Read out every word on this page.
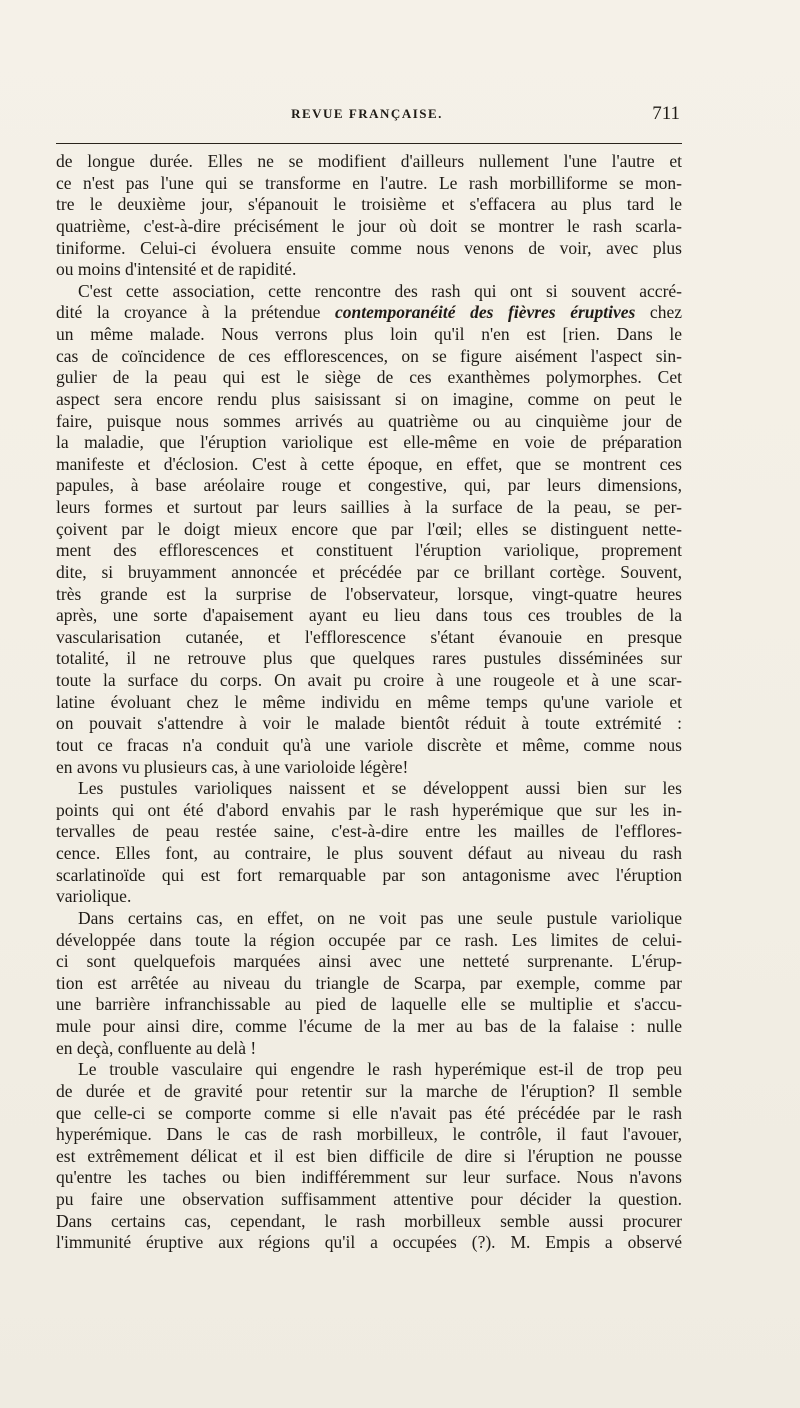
REVUE FRANÇAISE.	711
de longue durée. Elles ne se modifient d'ailleurs nullement l'une l'autre et
ce n'est pas l'une qui se transforme en l'autre. Le rash morbilliforme se mon-
tre le deuxième jour, s'épanouit le troisième et s'effacera au plus tard le
quatrième, c'est-à-dire précisément le jour où doit se montrer le rash scarla-
tiniforme. Celui-ci évoluera ensuite comme nous venons de voir, avec plus
ou moins d'intensité et de rapidité.
C'est cette association, cette rencontre des rash qui ont si souvent accré-
dité la croyance à la prétendue contemporanéité des fièvres éruptives chez
un même malade. Nous verrons plus loin qu'il n'en est [rien. Dans le
cas de coïncidence de ces efflorescences, on se figure aisément l'aspect sin-
gulier de la peau qui est le siège de ces exanthèmes polymorphes. Cet
aspect sera encore rendu plus saisissant si on imagine, comme on peut le
faire, puisque nous sommes arrivés au quatrième ou au cinquième jour de
la maladie, que l'éruption variolique est elle-même en voie de préparation
manifeste et d'éclosion. C'est à cette époque, en effet, que se montrent ces
papules, à base aréolaire rouge et congestive, qui, par leurs dimensions,
leurs formes et surtout par leurs saillies à la surface de la peau, se per-
çoivent par le doigt mieux encore que par l'œil; elles se distinguent nette-
ment des efflorescences et constituent l'éruption variolique, proprement
dite, si bruyamment annoncée et précédée par ce brillant cortège. Souvent,
très grande est la surprise de l'observateur, lorsque, vingt-quatre heures
après, une sorte d'apaisement ayant eu lieu dans tous ces troubles de la
vascularisation cutanée, et l'efflorescence s'étant évanouie en presque
totalité, il ne retrouve plus que quelques rares pustules disséminées sur
toute la surface du corps. On avait pu croire à une rougeole et à une scar-
latine évoluant chez le même individu en même temps qu'une variole et
on pouvait s'attendre à voir le malade bientôt réduit à toute extrémité :
tout ce fracas n'a conduit qu'à une variole discrète et même, comme nous
en avons vu plusieurs cas, à une varioloide légère!
Les pustules varioliques naissent et se développent aussi bien sur les
points qui ont été d'abord envahis par le rash hyperémique que sur les in-
tervalles de peau restée saine, c'est-à-dire entre les mailles de l'efflores-
cence. Elles font, au contraire, le plus souvent défaut au niveau du rash
scarlatinoïde qui est fort remarquable par son antagonisme avec l'éruption
variolique.
Dans certains cas, en effet, on ne voit pas une seule pustule variolique
développée dans toute la région occupée par ce rash. Les limites de celui-
ci sont quelquefois marquées ainsi avec une netteté surprenante. L'érup-
tion est arrêtée au niveau du triangle de Scarpa, par exemple, comme par
une barrière infranchissable au pied de laquelle elle se multiplie et s'accu-
mule pour ainsi dire, comme l'écume de la mer au bas de la falaise : nulle
en deçà, confluente au delà !
Le trouble vasculaire qui engendre le rash hyperémique est-il de trop peu
de durée et de gravité pour retentir sur la marche de l'éruption? Il semble
que celle-ci se comporte comme si elle n'avait pas été précédée par le rash
hyperémique. Dans le cas de rash morbilleux, le contrôle, il faut l'avouer,
est extrêmement délicat et il est bien difficile de dire si l'éruption ne pousse
qu'entre les taches ou bien indifféremment sur leur surface. Nous n'avons
pu faire une observation suffisamment attentive pour décider la question.
Dans certains cas, cependant, le rash morbilleux semble aussi procurer
l'immunité éruptive aux régions qu'il a occupées (?). M. Empis a observé
